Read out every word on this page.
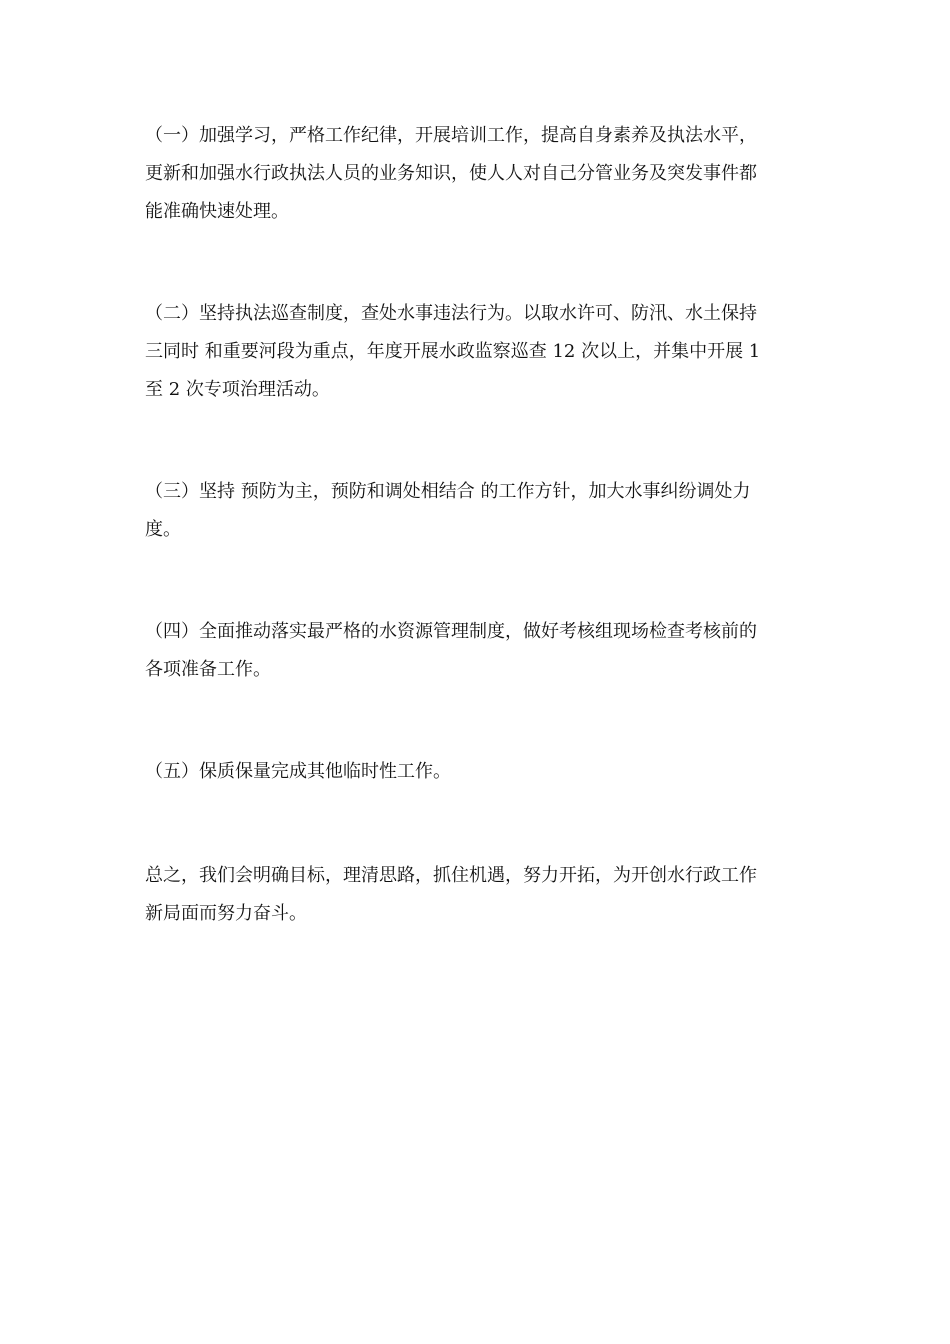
（一）加强学习，严格工作纪律，开展培训工作，提高自身素养及执法水平，
更新和加强水行政执法人员的业务知识，使人人对自己分管业务及突发事件都
能准确快速处理。

（二）坚持执法巡查制度，查处水事违法行为。以取水许可、防汛、水土保持
三同时 和重要河段为重点，年度开展水政监察巡查 12 次以上，并集中开展 1
至 2 次专项治理活动。

（三）坚持 预防为主，预防和调处相结合 的工作方针，加大水事纠纷调处力
度。

（四）全面推动落实最严格的水资源管理制度，做好考核组现场检查考核前的
各项准备工作。

（五）保质保量完成其他临时性工作。

总之，我们会明确目标，理清思路，抓住机遇，努力开拓，为开创水行政工作
新局面而努力奋斗。
